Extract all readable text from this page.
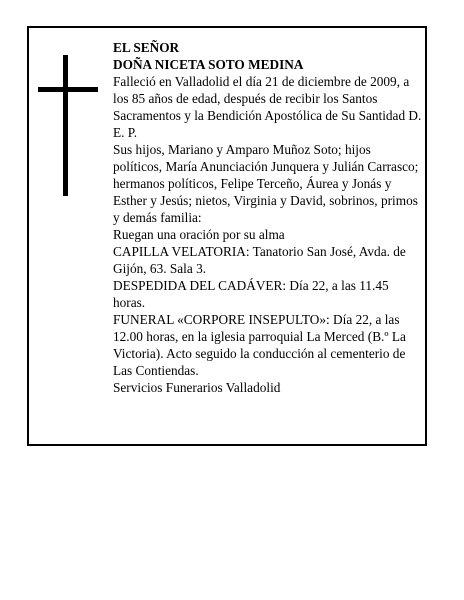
EL SEÑOR

DOÑA NICETA SOTO MEDINA

Falleció en Valladolid el día 21 de diciembre de 2009, a los 85 años de edad, después de recibir los Santos Sacramentos y la Bendición Apostólica de Su Santidad D. E. P.

Sus hijos, Mariano y Amparo Muñoz Soto; hijos políticos, María Anunciación Junquera y Julián Carrasco; hermanos políticos, Felipe Terceño, Áurea y Jonás y Esther y Jesús; nietos, Virginia y David, sobrinos, primos y demás familia:

Ruegan una oración por su alma

CAPILLA VELATORIA: Tanatorio San José, Avda. de Gijón, 63. Sala 3.

DESPEDIDA DEL CADÁVER: Día 22, a las 11.45 horas.

FUNERAL «CORPORE INSEPULTO»: Día 22, a las 12.00 horas, en la iglesia parroquial La Merced (B.º La Victoria). Acto seguido la conducción al cementerio de Las Contiendas.

Servicios Funerarios Valladolid
